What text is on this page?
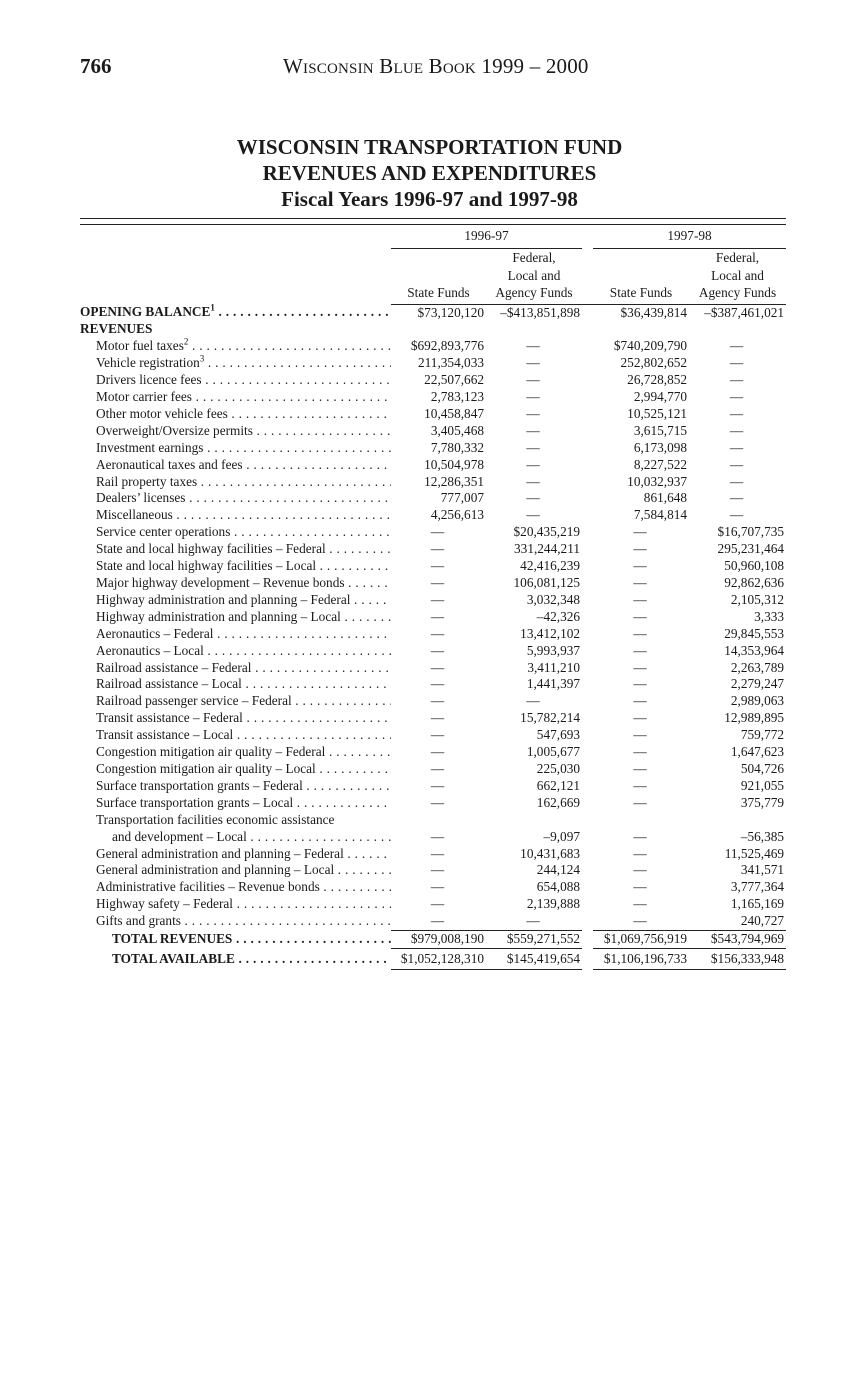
766	Wisconsin Blue Book 1999 – 2000
WISCONSIN TRANSPORTATION FUND
REVENUES AND EXPENDITURES
Fiscal Years 1996-97 and 1997-98
	1996-97			1997-98	
	State Funds	Federal,
Local and
Agency Funds		State Funds	Federal,
Local and
Agency Funds

OPENING BALANCE$^1$ . . .	$73,120,120	–$413,851,898		$36,439,814	–$387,461,021

REVENUES					

Motor fuel taxes$^2$ . . .	$692,893,776	—		$740,209,790	—

Vehicle registration$^3$ . . .	211,354,033	—		252,802,652	—

Drivers licence fees . . .	22,507,662	—		26,728,852	—

Motor carrier fees . . .	2,783,123	—		2,994,770	—

Other motor vehicle fees . . .	10,458,847	—		10,525,121	—

Overweight/Oversize permits . . .	3,405,468	—		3,615,715	—

Investment earnings . . .	7,780,332	—		6,173,098	—

Aeronautical taxes and fees . . .	10,504,978	—		8,227,522	—

Rail property taxes . . .	12,286,351	—		10,032,937	—

Dealers’ licenses . . .	777,007	—		861,648	—

Miscellaneous . . .	4,256,613	—		7,584,814	—

Service center operations . . .	—	$20,435,219		—	$16,707,735

State and local highway facilities – Federal . . .	—	331,244,211		—	295,231,464

State and local highway facilities – Local . . .	—	42,416,239		—	50,960,108

Major highway development – Revenue bonds . . .	—	106,081,125		—	92,862,636

Highway administration and planning – Federal . . .	—	3,032,348		—	2,105,312

Highway administration and planning – Local . . .	—	–42,326		—	3,333

Aeronautics – Federal . . .	—	13,412,102		—	29,845,553

Aeronautics – Local . . .	—	5,993,937		—	14,353,964

Railroad assistance – Federal . . .	—	3,411,210		—	2,263,789

Railroad assistance – Local . . .	—	1,441,397		—	2,279,247

Railroad passenger service – Federal . . .	—	—		—	2,989,063

Transit assistance – Federal . . .	—	15,782,214		—	12,989,895

Transit assistance – Local . . .	—	547,693		—	759,772

Congestion mitigation air quality – Federal . . .	—	1,005,677		—	1,647,623

Congestion mitigation air quality – Local . . .	—	225,030		—	504,726

Surface transportation grants – Federal . . .	—	662,121		—	921,055

Surface transportation grants – Local . . .	—	162,669		—	375,779

Transportation facilities economic assistance					

and development – Local . . .	—	–9,097		—	–56,385

General administration and planning – Federal . . .	—	10,431,683		—	11,525,469

General administration and planning – Local . . .	—	244,124		—	341,571

Administrative facilities – Revenue bonds . . .	—	654,088		—	3,777,364

Highway safety – Federal . . .	—	2,139,888		—	1,165,169

Gifts and grants . . .	—	—		—	240,727

TOTAL REVENUES . . .	$979,008,190	$559,271,552		$1,069,756,919	$543,794,969

TOTAL AVAILABLE . . .	$1,052,128,310	$145,419,654		$1,106,196,733	$156,333,948
